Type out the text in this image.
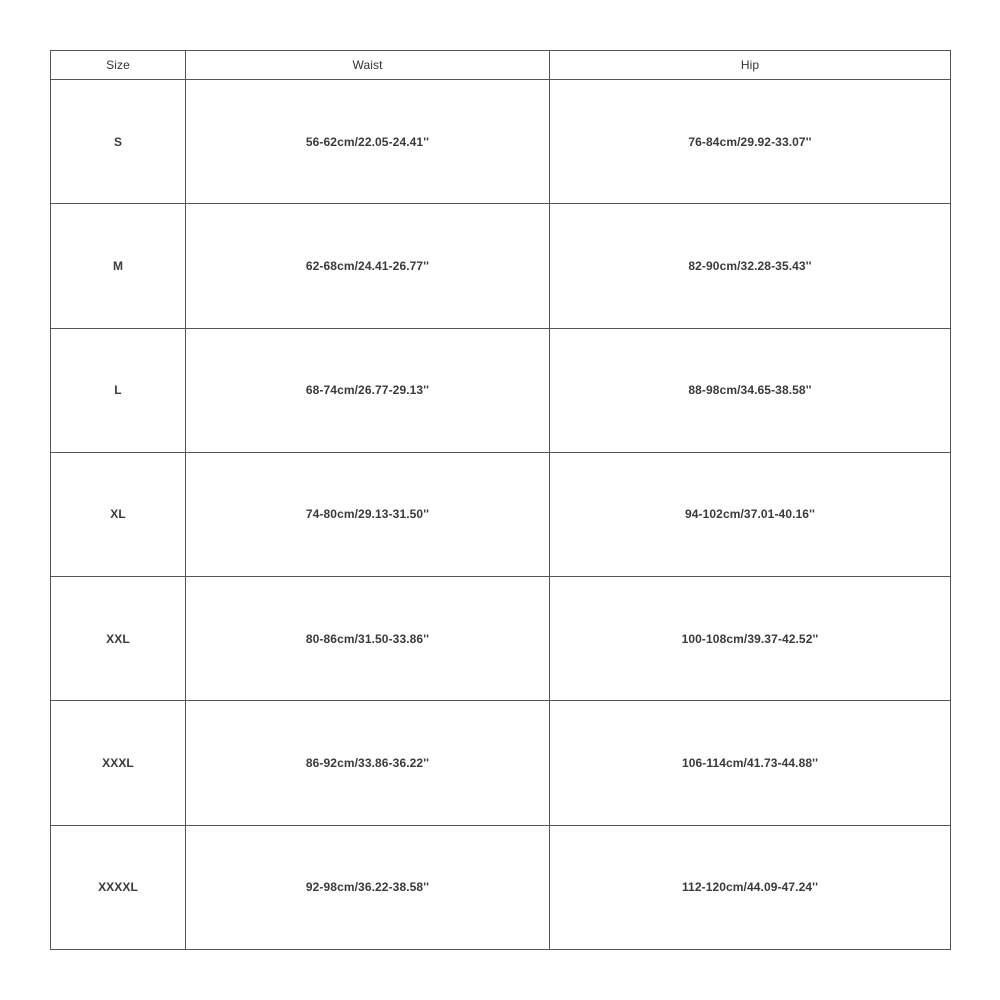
Size	Waist	Hip
S	56-62cm/22.05-24.41''	76-84cm/29.92-33.07''
M	62-68cm/24.41-26.77''	82-90cm/32.28-35.43''
L	68-74cm/26.77-29.13''	88-98cm/34.65-38.58''
XL	74-80cm/29.13-31.50''	94-102cm/37.01-40.16''
XXL	80-86cm/31.50-33.86''	100-108cm/39.37-42.52''
XXXL	86-92cm/33.86-36.22''	106-114cm/41.73-44.88''
XXXXL	92-98cm/36.22-38.58''	112-120cm/44.09-47.24''
